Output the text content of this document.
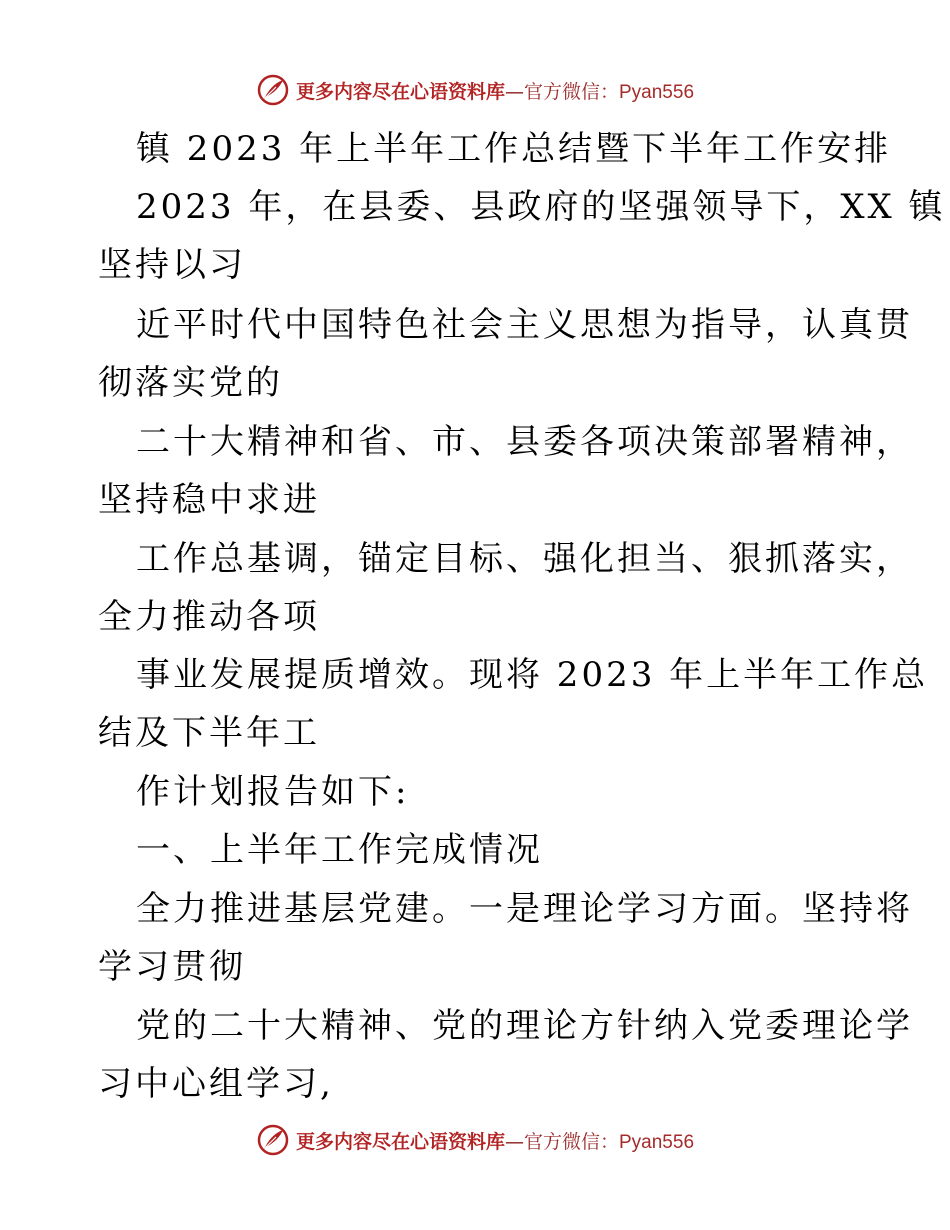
更多内容尽在心语资料库—官方微信：Pyan556
镇 2023 年上半年工作总结暨下半年工作安排
2023 年，在县委、县政府的坚强领导下，XX 镇
坚持以习
近平时代中国特色社会主义思想为指导，认真贯
彻落实党的
二十大精神和省、市、县委各项决策部署精神，
坚持稳中求进
工作总基调，锚定目标、强化担当、狠抓落实，
全力推动各项
事业发展提质增效。现将 2023 年上半年工作总
结及下半年工
作计划报告如下:
一、上半年工作完成情况
全力推进基层党建。一是理论学习方面。坚持将
学习贯彻
党的二十大精神、党的理论方针纳入党委理论学
习中心组学习,
更多内容尽在心语资料库—官方微信：Pyan556
